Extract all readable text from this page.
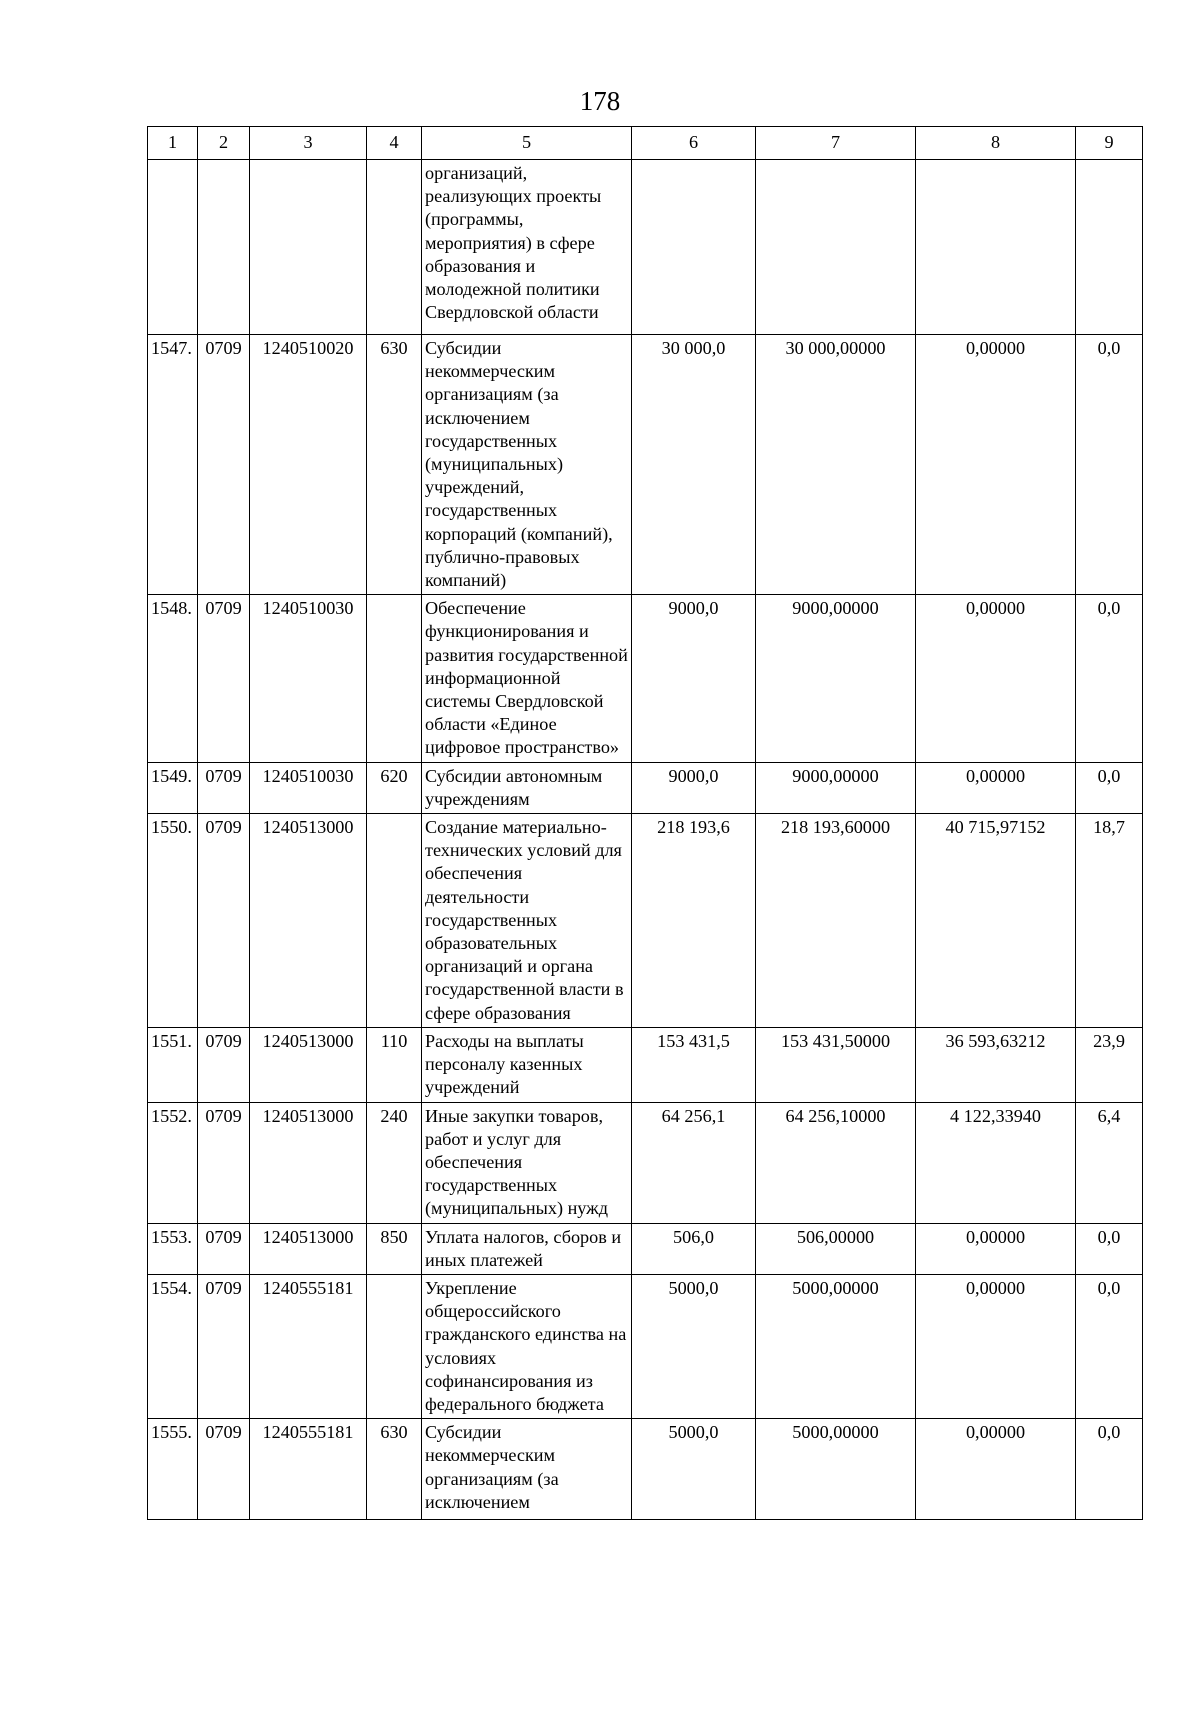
178
1	2	3	4	5	6	7	8	9
				организаций, реализующих проекты (программы, мероприятия) в сфере образования и молодежной политики Свердловской области				
1547.	0709	1240510020	630	Субсидии некоммерческим организациям (за исключением государственных (муниципальных) учреждений, государственных корпораций (компаний), публично-правовых компаний)	30 000,0	30 000,00000	0,00000	0,0
1548.	0709	1240510030		Обеспечение функционирования и развития государственной информационной системы Свердловской области «Единое цифровое пространство»	9000,0	9000,00000	0,00000	0,0
1549.	0709	1240510030	620	Субсидии автономным учреждениям	9000,0	9000,00000	0,00000	0,0
1550.	0709	1240513000		Создание материально-технических условий для обеспечения деятельности государственных образовательных организаций и органа государственной власти в сфере образования	218 193,6	218 193,60000	40 715,97152	18,7
1551.	0709	1240513000	110	Расходы на выплаты персоналу казенных учреждений	153 431,5	153 431,50000	36 593,63212	23,9
1552.	0709	1240513000	240	Иные закупки товаров, работ и услуг для обеспечения государственных (муниципальных) нужд	64 256,1	64 256,10000	4 122,33940	6,4
1553.	0709	1240513000	850	Уплата налогов, сборов и иных платежей	506,0	506,00000	0,00000	0,0
1554.	0709	1240555181		Укрепление общероссийского гражданского единства на условиях софинансирования из федерального бюджета	5000,0	5000,00000	0,00000	0,0
1555.	0709	1240555181	630	Субсидии некоммерческим организациям (за исключением	5000,0	5000,00000	0,00000	0,0
